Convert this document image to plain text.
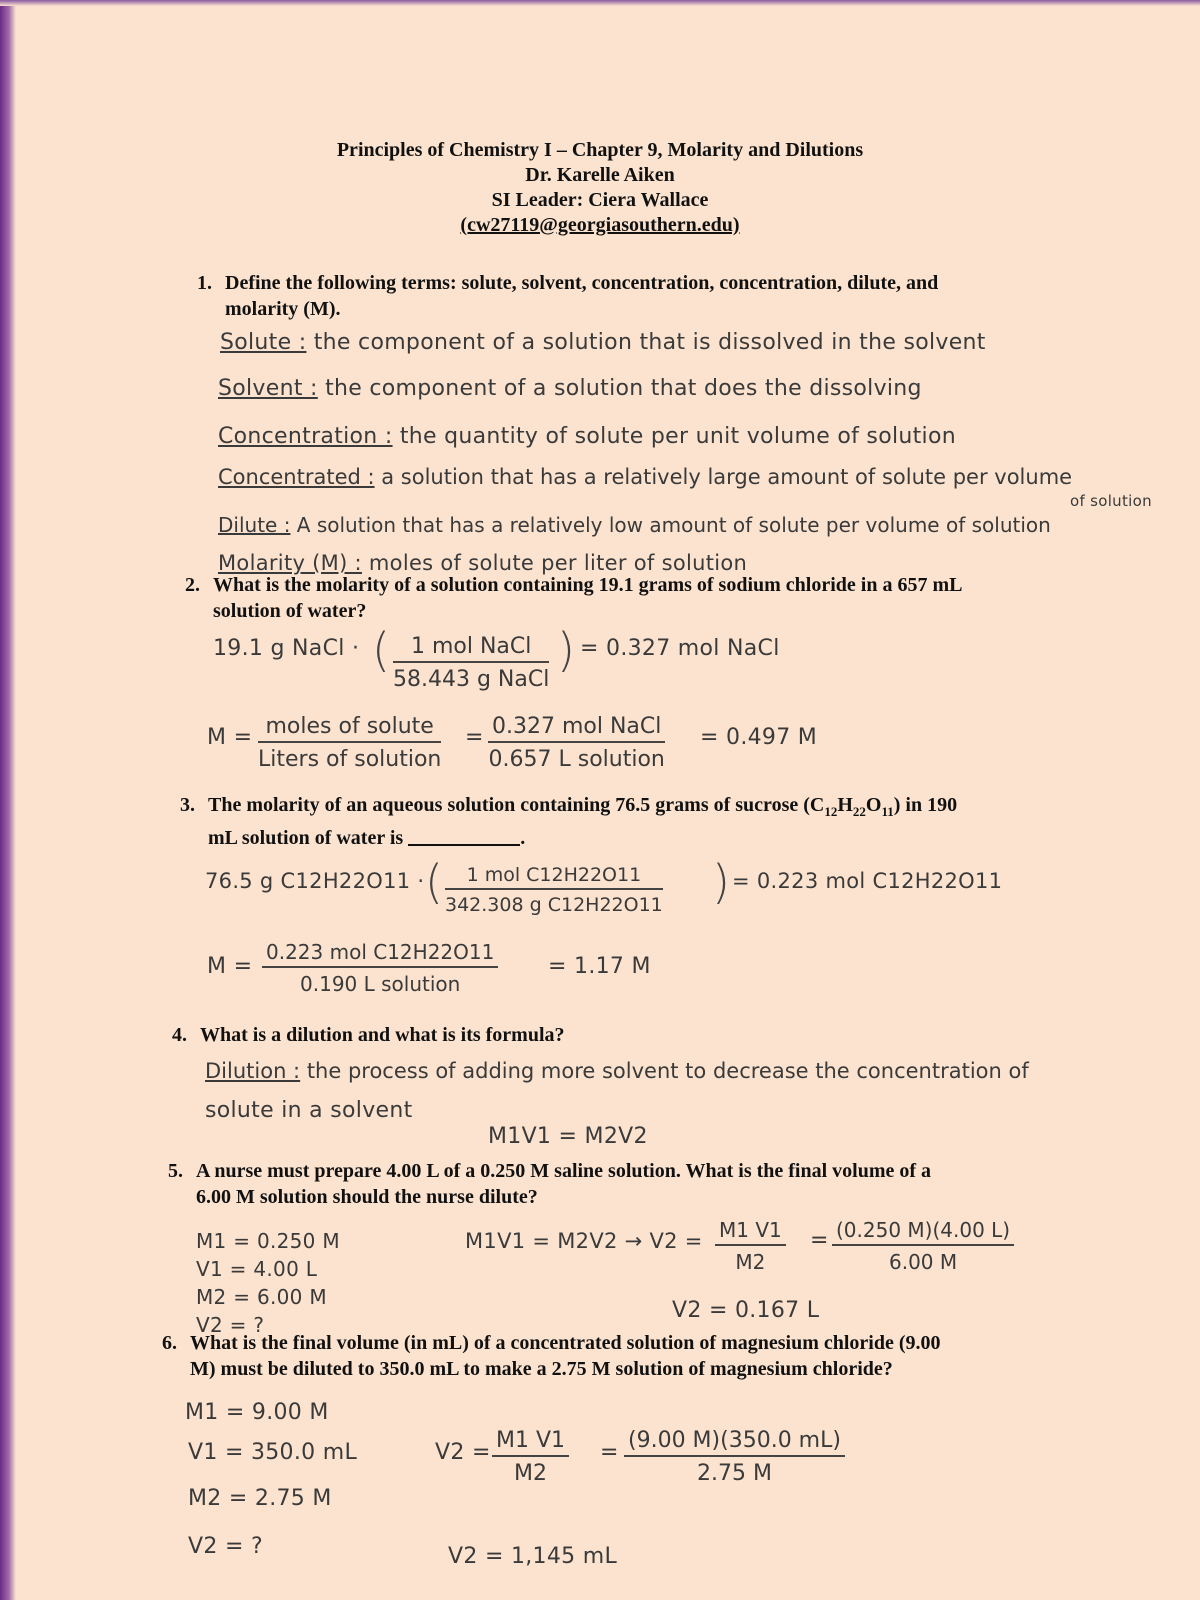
Principles of Chemistry I – Chapter 9, Molarity and Dilutions
Dr. Karelle Aiken
SI Leader: Ciera Wallace
(cw27119@georgiasouthern.edu)
1. Define the following terms: solute, solvent, concentration, concentration, dilute, and
molarity (M).
Solute : the component of a solution that is dissolved in the solvent
Solvent : the component of a solution that does the dissolving
Concentration : the quantity of solute per unit volume of solution
Concentrated : a solution that has a relatively large amount of solute per volume
of solution
Dilute : A solution that has a relatively low amount of solute per volume of solution
Molarity (M) : moles of solute per liter of solution
2. What is the molarity of a solution containing 19.1 grams of sodium chloride in a 657 mL
solution of water?
19.1 g NaCl · ( 1 mol NaCl
58.443 g NaCl
) = 0.327 mol NaCl
M = moles of solute
Liters of solution
= 0.327 mol NaCl
0.657 L solution
= 0.497 M
3. The molarity of an aqueous solution containing 76.5 grams of sucrose $(C_{12}H_{22}O_{11})$ in 190
mL solution of water is	.
76.5 g C12H22O11 · (	1 mol C12H22O11
342.308 g C12H22O11 ) = 0.223 mol C12H22O11
M =
0.223 mol C12H22O11
0.190 L solution
= 1.17 M
4. What is a dilution and what is its formula?
Dilution : the process of adding more solvent to decrease the concentration of
solute in a solvent
M1V1 = M2V2
5. A nurse must prepare 4.00 L of a 0.250 M saline solution. What is the final volume of a
6.00 M solution should the nurse dilute?
M1 = 0.250 M
V1 = 4.00 L
M2 = 6.00 M
V2 = ?
$M1V1 = M2V2 \to V2 = \frac{M1 V1}{M2} = \frac{(0.250 M)(4.00 L)}{6.00 M}$
V2 = 0.167 L
6. What is the final volume (in mL) of a concentrated solution of magnesium chloride (9.00
M) must be diluted to 350.0 mL to make a 2.75 M solution of magnesium chloride?
M1 = 9.00 M
V1 = 350.0 mL
M2 = 2.75 M
V2 = ?
$V2 = \frac{M1 V1}{M2} = \frac{(9.00 M)(350.0 mL)}{2.75 M}$
V2 = 1,145 mL
